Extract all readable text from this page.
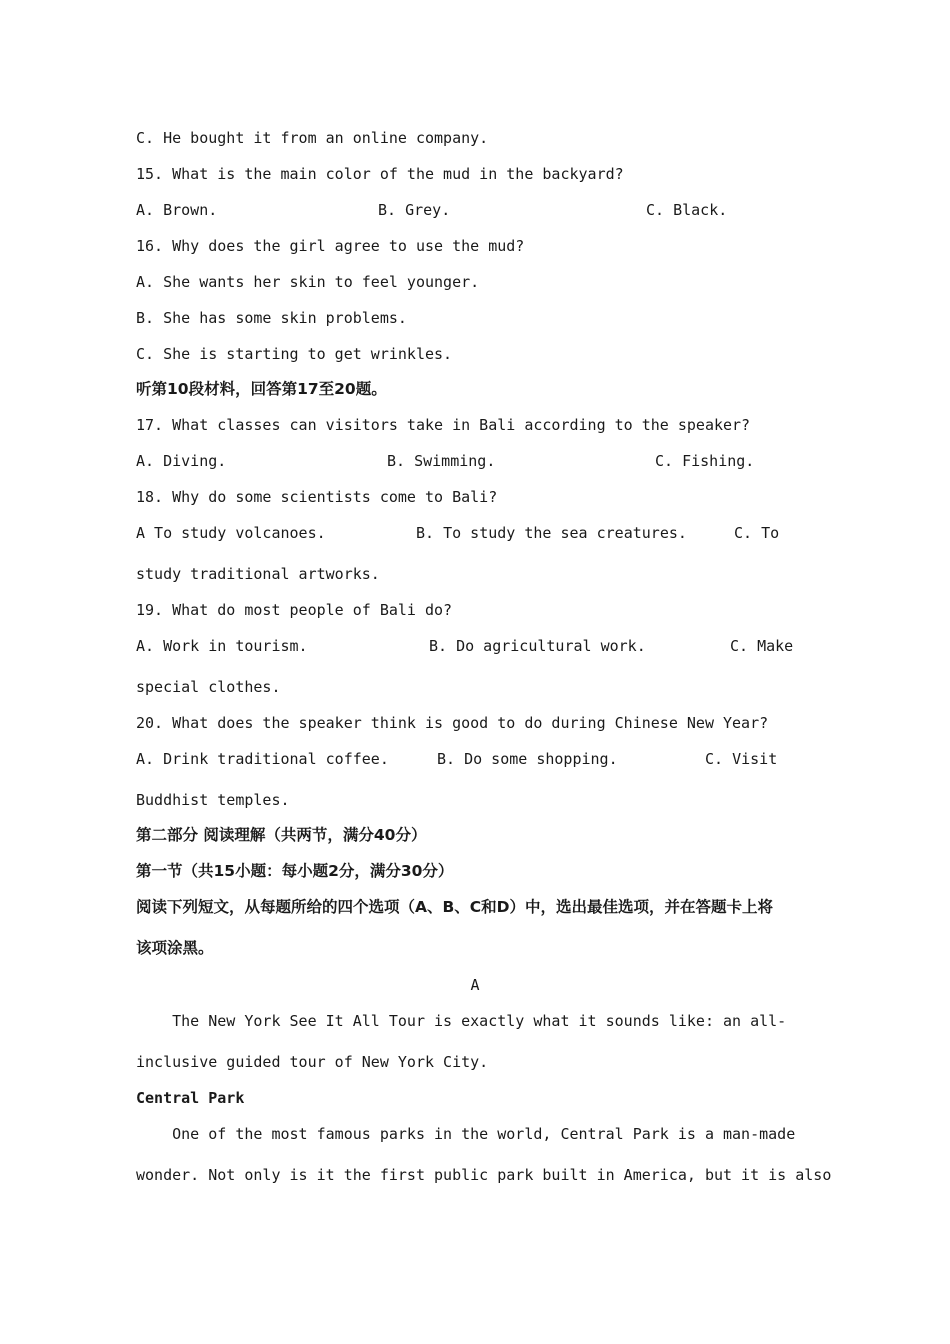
C. He bought it from an online company.
15. What is the main color of the mud in the backyard?
A. Brown.	B. Grey.	C. Black.
16. Why does the girl agree to use the mud?
A. She wants her skin to feel younger.
B. She has some skin problems.
C. She is starting to get wrinkles.
听第10段材料，回答第17至20题。
17. What classes can visitors take in Bali according to the speaker?
A. Diving.	B. Swimming.	C. Fishing.
18. Why do some scientists come to Bali?
A To study volcanoes.	B. To study the sea creatures.	C. To
study traditional artworks.
19. What do most people of Bali do?
A. Work in tourism.	B. Do agricultural work.	C. Make
special clothes.
20. What does the speaker think is good to do during Chinese New Year?
A. Drink traditional coffee.	B. Do some shopping.	C. Visit
Buddhist temples.
第二部分 阅读理解（共两节，满分40分）
第一节（共15小题：每小题2分，满分30分）
阅读下列短文，从每题所给的四个选项（A、B、C和D）中，选出最佳选项，并在答题卡上将
该项涂黑。
A
The New York See It All Tour is exactly what it sounds like: an all-
inclusive guided tour of New York City.
Central Park
One of the most famous parks in the world, Central Park is a man-made
wonder. Not only is it the first public park built in America, but it is also
